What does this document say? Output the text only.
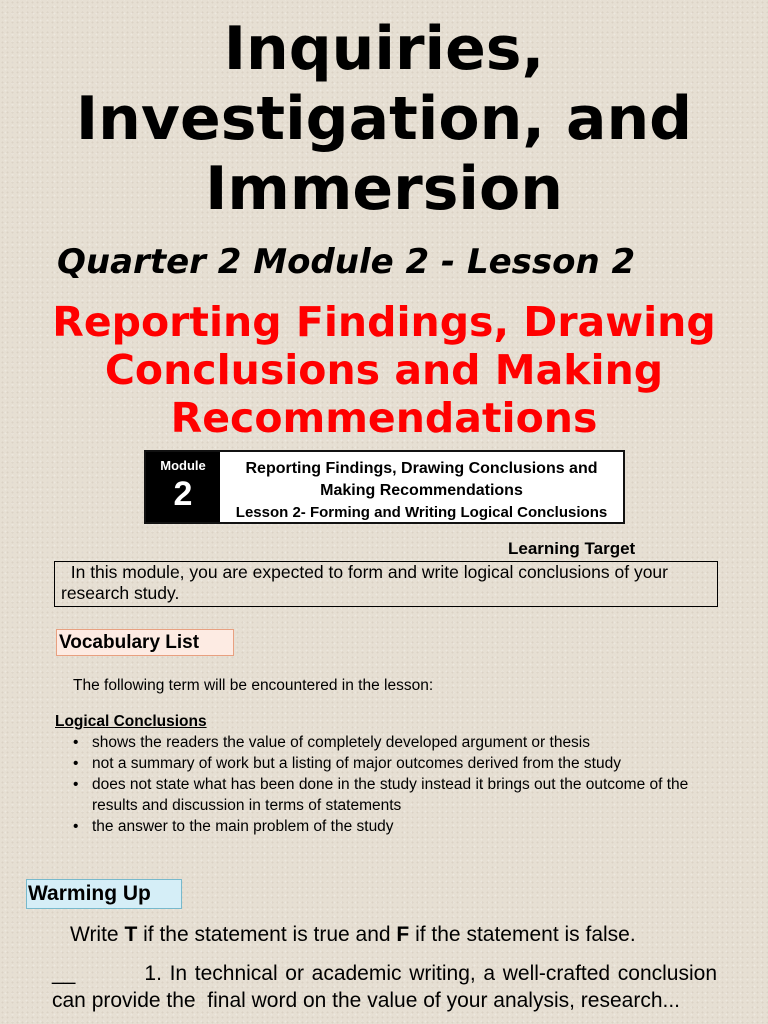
Inquiries, Investigation, and Immersion
Quarter 2 Module 2 - Lesson 2
Reporting Findings, Drawing Conclusions and Making Recommendations
Module
2
Reporting Findings, Drawing Conclusions and Making Recommendations
Lesson 2- Forming and Writing Logical Conclusions
Learning Target
In this module, you are expected to form and write logical conclusions of your research study.
Vocabulary List
The following term will be encountered in the lesson:
Logical Conclusions
• shows the readers the value of completely developed argument or thesis
• not a summary of work but a listing of major outcomes derived from the study
• does not state what has been done in the study instead it brings out the outcome of the results and discussion in terms of statements
• the answer to the main problem of the study
Warming Up
Write T if the statement is true and F if the statement is false.
__         1. In technical or academic writing, a well-crafted conclusion can provide the  final word on the value of your analysis, research...
